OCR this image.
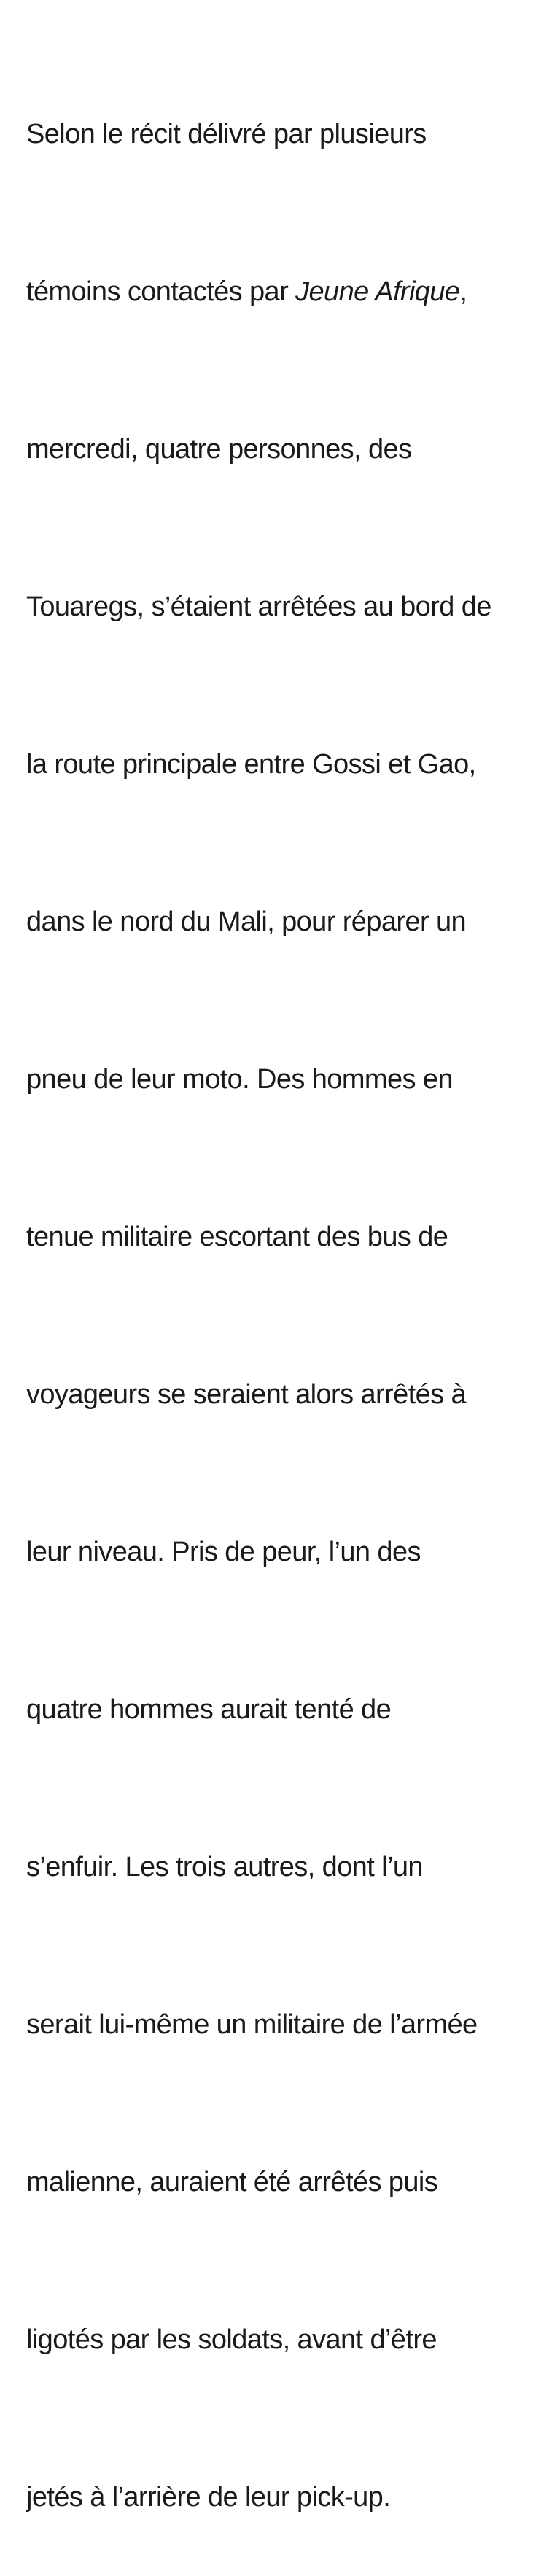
Selon le récit délivré par plusieurs

témoins contactés par Jeune Afrique,

mercredi, quatre personnes, des

Touaregs, s’étaient arrêtées au bord de

la route principale entre Gossi et Gao,

dans le nord du Mali, pour réparer un

pneu de leur moto. Des hommes en

tenue militaire escortant des bus de

voyageurs se seraient alors arrêtés à

leur niveau. Pris de peur, l’un des

quatre hommes aurait tenté de

s’enfuir. Les trois autres, dont l’un

serait lui-même un militaire de l’armée

malienne, auraient été arrêtés puis

ligotés par les soldats, avant d’être

jetés à l’arrière de leur pick-up.
